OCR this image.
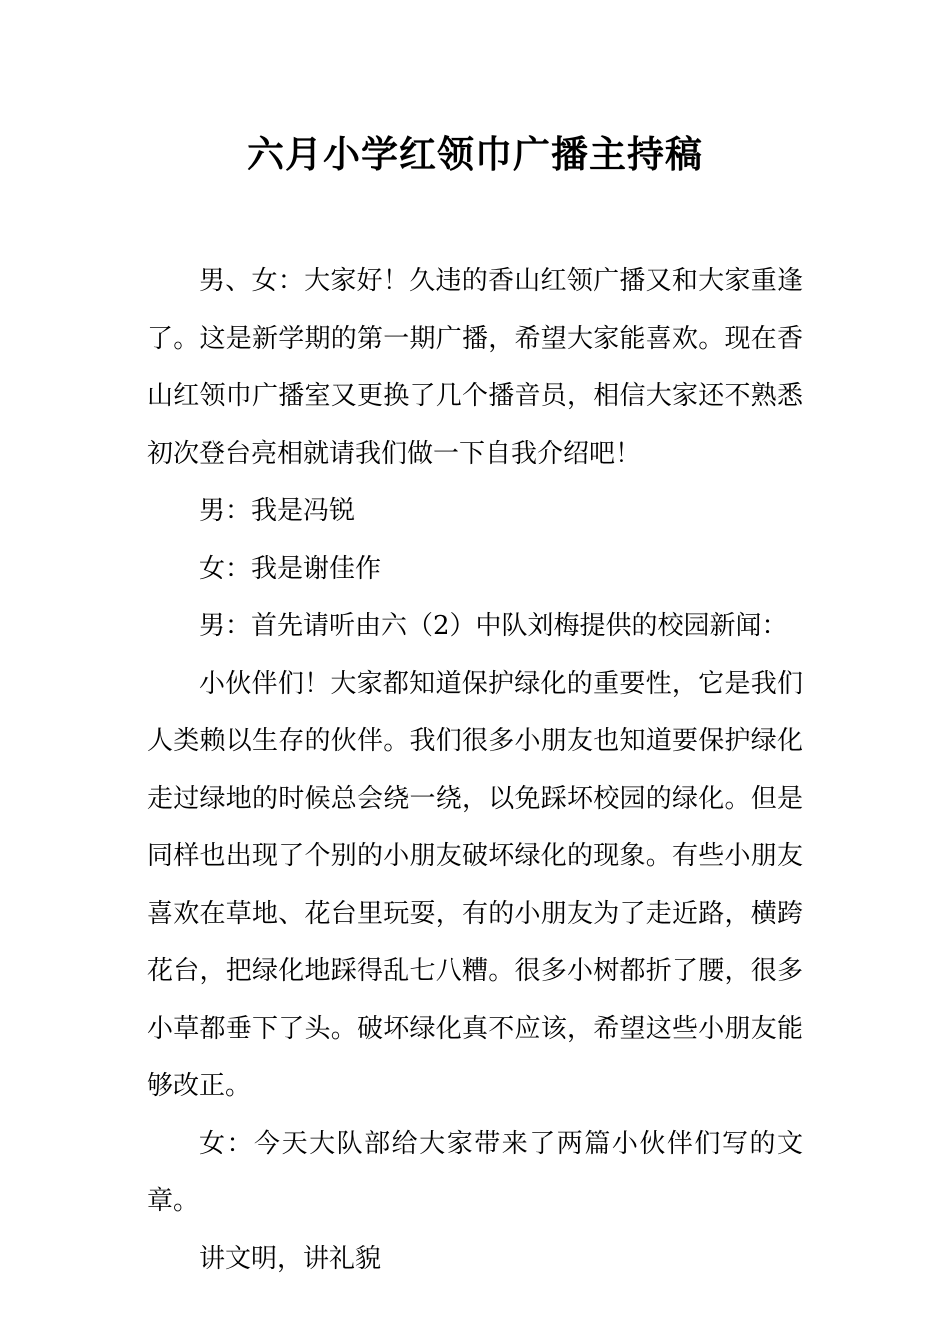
六月小学红领巾广播主持稿

男、女：大家好！久违的香山红领广播又和大家重逢了。这是新学期的第一期广播，希望大家能喜欢。现在香山红领巾广播室又更换了几个播音员，相信大家还不熟悉初次登台亮相就请我们做一下自我介绍吧！

男：我是冯锐

女：我是谢佳作

男：首先请听由六（2）中队刘梅提供的校园新闻：

小伙伴们！大家都知道保护绿化的重要性，它是我们人类赖以生存的伙伴。我们很多小朋友也知道要保护绿化走过绿地的时候总会绕一绕，以免踩坏校园的绿化。但是同样也出现了个别的小朋友破坏绿化的现象。有些小朋友喜欢在草地、花台里玩耍，有的小朋友为了走近路，横跨花台，把绿化地踩得乱七八糟。很多小树都折了腰，很多小草都垂下了头。破坏绿化真不应该，希望这些小朋友能够改正。

女：今天大队部给大家带来了两篇小伙伴们写的文章。

讲文明，讲礼貌
